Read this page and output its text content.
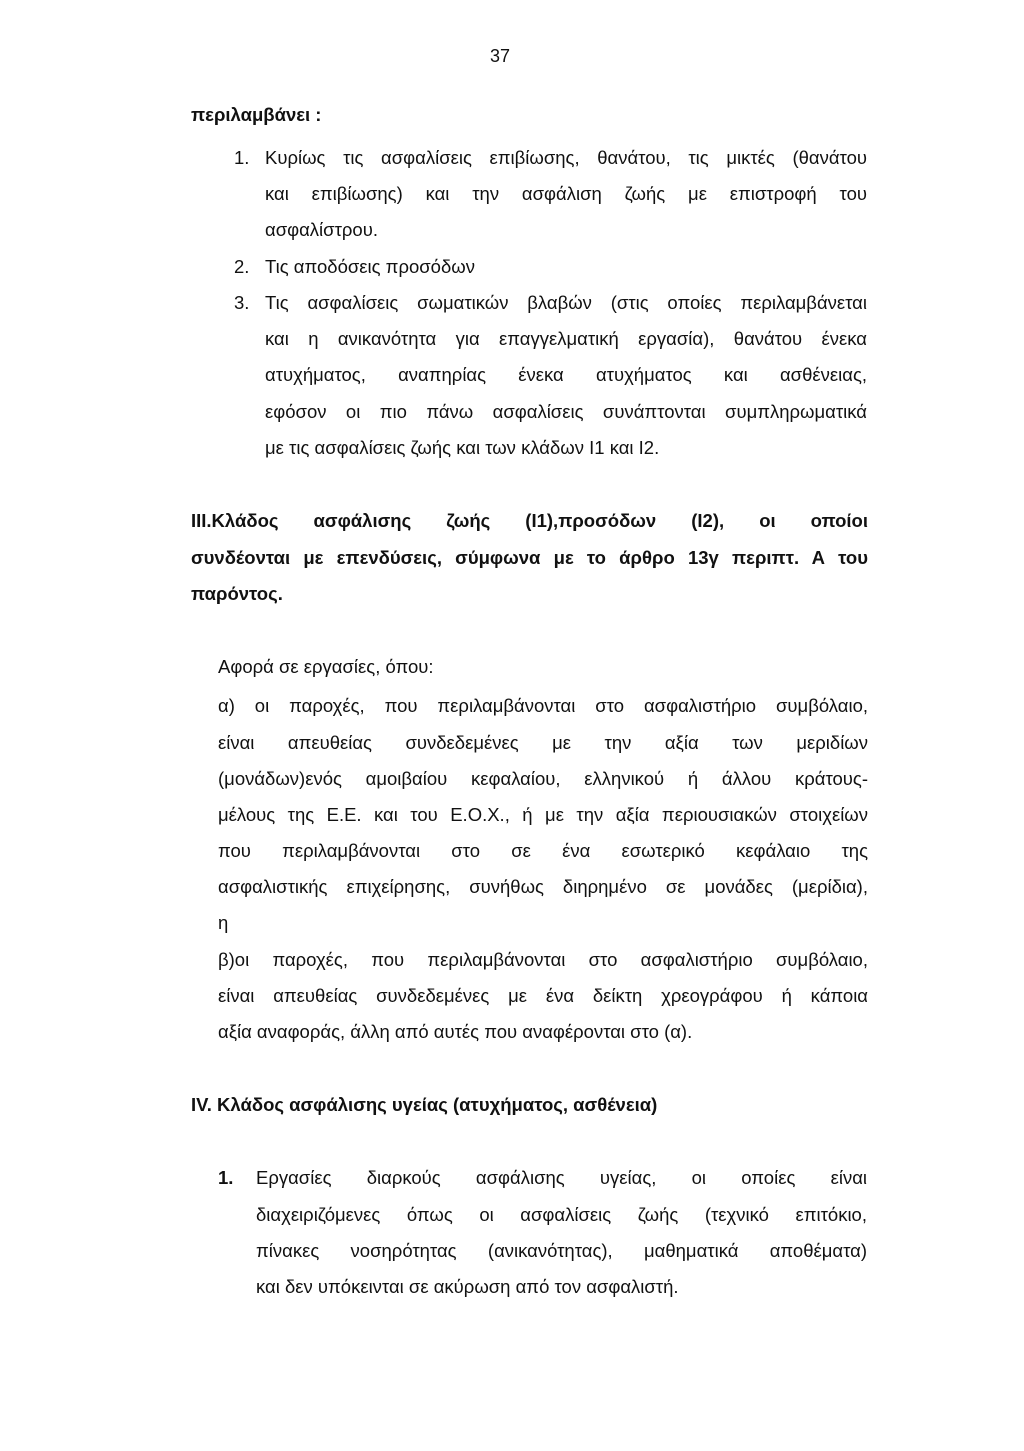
37
περιλαμβάνει :
1. Κυρίως τις ασφαλίσεις επιβίωσης, θανάτου, τις μικτές (θανάτου
και επιβίωσης) και την ασφάλιση ζωής με επιστροφή του
ασφαλίστρου.
2. Τις αποδόσεις προσόδων
3. Τις ασφαλίσεις σωματικών βλαβών (στις οποίες περιλαμβάνεται
και η ανικανότητα για επαγγελματική εργασία), θανάτου ένεκα
ατυχήματος, αναπηρίας ένεκα ατυχήματος και ασθένειας,
εφόσον οι πιο πάνω ασφαλίσεις συνάπτονται συμπληρωματικά
με τις ασφαλίσεις ζωής και των κλάδων Ι1 και Ι2.
ΙΙΙ.Κλάδος ασφάλισης ζωής (Ι1),προσόδων (Ι2), οι οποίοι
συνδέονται με επενδύσεις, σύμφωνα με το άρθρο 13γ περιπτ. Α του
παρόντος.
Αφορά σε εργασίες, όπου:
α) οι παροχές, που περιλαμβάνονται στο ασφαλιστήριο συμβόλαιο,
είναι απευθείας συνδεδεμένες με την αξία των μεριδίων
(μονάδων)ενός αμοιβαίου κεφαλαίου, ελληνικού ή άλλου κράτους-
μέλους της Ε.Ε. και του Ε.Ο.Χ., ή με την αξία περιουσιακών στοιχείων
που περιλαμβάνονται στο σε ένα εσωτερικό κεφάλαιο της
ασφαλιστικής επιχείρησης, συνήθως διηρημένο σε μονάδες (μερίδια),
η
β)οι παροχές, που περιλαμβάνονται στο ασφαλιστήριο συμβόλαιο,
είναι απευθείας συνδεδεμένες με ένα δείκτη χρεογράφου ή κάποια
αξία αναφοράς, άλλη από αυτές που αναφέρονται στο (α).
IV. Κλάδος ασφάλισης υγείας (ατυχήματος, ασθένεια)
1. Εργασίες διαρκούς ασφάλισης υγείας, οι οποίες είναι
διαχειριζόμενες όπως οι ασφαλίσεις ζωής (τεχνικό επιτόκιο,
πίνακες νοσηρότητας (ανικανότητας), μαθηματικά αποθέματα)
και δεν υπόκεινται σε ακύρωση από τον ασφαλιστή.
